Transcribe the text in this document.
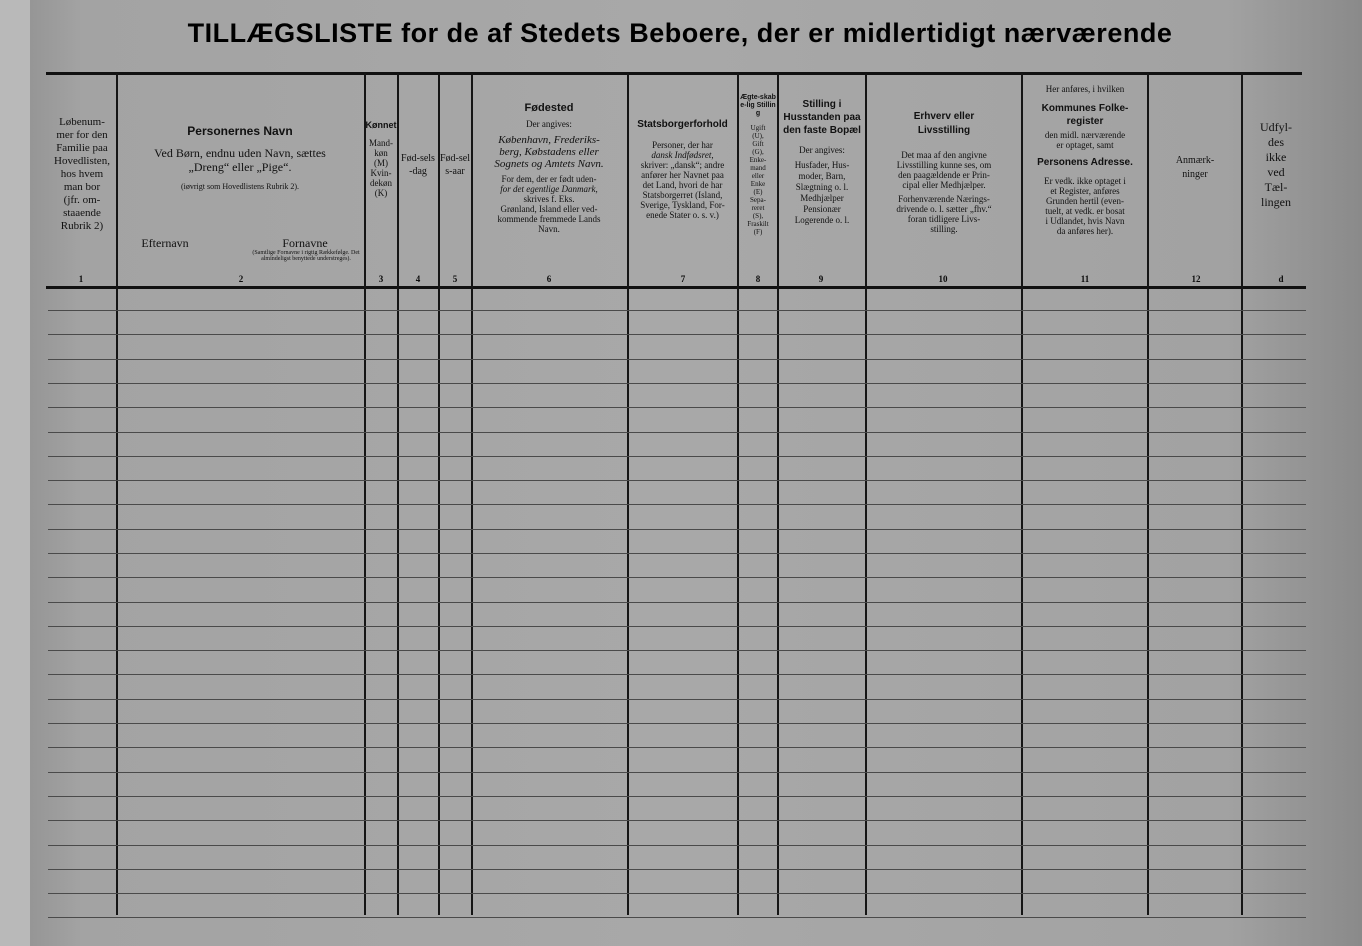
TILLÆGSLISTE for de af Stedets Beboere, der er midlertidigt nærværende
Løbenum-
mer for den
Familie paa
Hovedlisten,
hos hvem
man bor
(jfr. om-
staaende
Rubrik 2)
1
Personernes Navn
Ved Børn, endnu uden Navn, sættes
„Dreng“ eller „Pige“.
(iøvrigt som Hovedlistens Rubrik 2).
Efternavn	Fornavne
(Samtlige Fornavne i rigtig Rækkefølge. Det almindeligst benyttede understreges).
2
Kønnet
Mand-
køn
(M)
Kvin-
dekøn
(K)
3
Fød-sels-dag
4
Fød-sels-aar
5
Fødested
Der angives:
København, Frederiks-
berg, Købstadens eller
Sognets og Amtets Navn.
For dem, der er født uden-
for det egentlige Danmark,
skrives f. Eks.
Grønland, Island eller ved-
kommende fremmede Lands
Navn.
6
Statsborgerforhold
Personer, der har
dansk Indfødsret,
skriver: „dansk“; andre
anfører her Navnet paa
det Land, hvori de har
Statsborgerret (Island,
Sverige, Tyskland, For-
enede Stater o. s. v.)
7
Ægte-skabe-lig Stilling
Ugift
(U),
Gift
(G),
Enke-
mand
eller
Enke
(E)
Sepa-
reret
(S),
Fraskilt
(F)
8
Stilling i Husstanden paa den faste Bopæl
Der angives:
Husfader, Hus-
moder, Barn,
Slægtning o. l.
Medhjælper
Pensionær
Logerende o. l.
9
Erhverv eller Livsstilling
Det maa af den angivne
Livsstilling kunne ses, om
den paagældende er Prin-
cipal eller Medhjælper.
Forhenværende Nærings-
drivende o. l. sætter „fhv.“
foran tidligere Livs-
stilling.
10
Her anføres, i hvilken
Kommunes Folke-register
den midl. nærværende
er optaget, samt
Personens Adresse.
Er vedk. ikke optaget i
et Register, anføres
Grunden hertil (even-
tuelt, at vedk. er bosat
i Udlandet, hvis Navn
da anføres her).
11
Anmærk-ninger
12
Udfyl-
des
ikke
ved
Tæl-
lingen
d
